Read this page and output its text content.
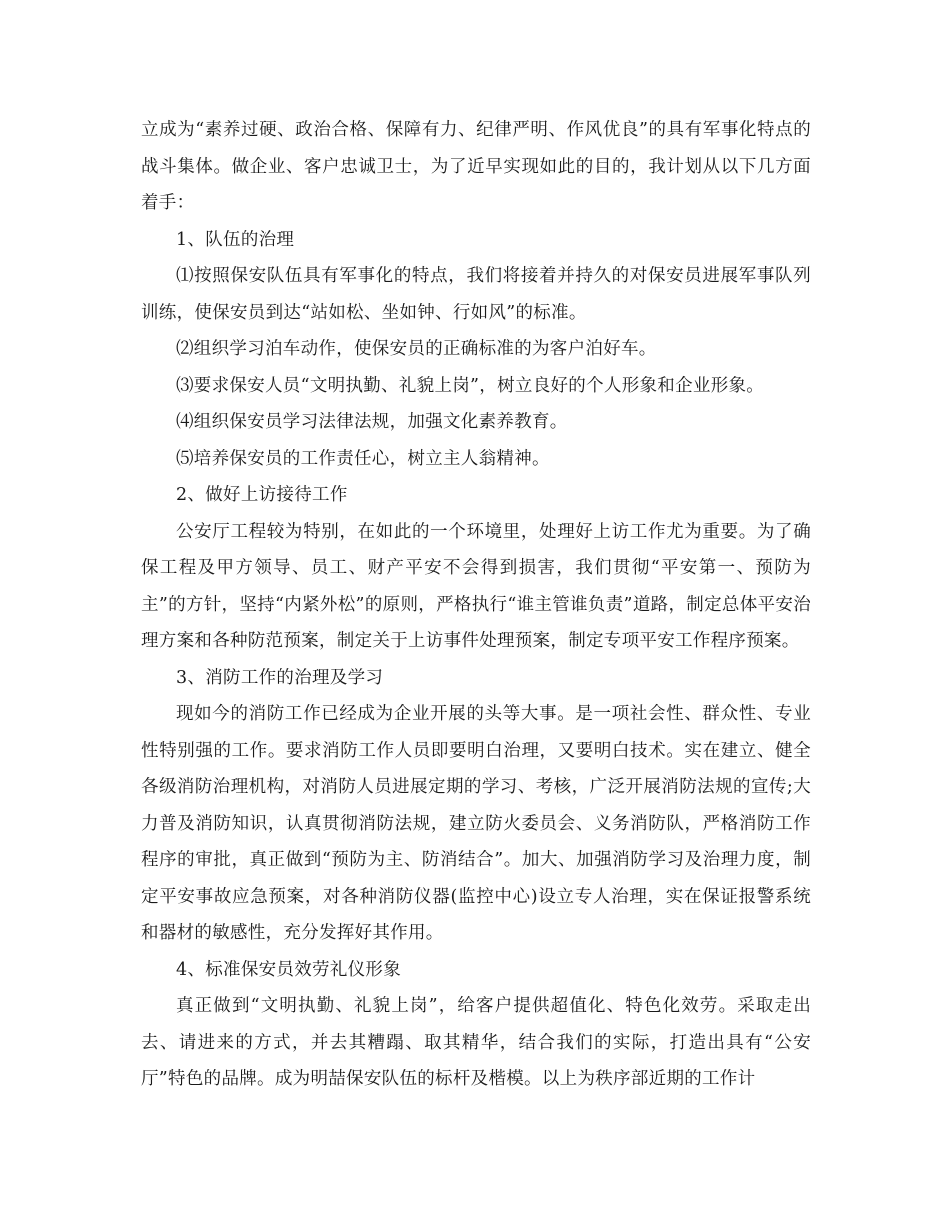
立成为“素养过硬、政治合格、保障有力、纪律严明、作风优良”的具有军事化特点的战斗集体。做企业、客户忠诚卫士，为了近早实现如此的目的，我计划从以下几方面着手：

1、队伍的治理

⑴按照保安队伍具有军事化的特点，我们将接着并持久的对保安员进展军事队列训练，使保安员到达“站如松、坐如钟、行如风”的标准。

⑵组织学习泊车动作，使保安员的正确标准的为客户泊好车。

⑶要求保安人员“文明执勤、礼貌上岗”，树立良好的个人形象和企业形象。

⑷组织保安员学习法律法规，加强文化素养教育。

⑸培养保安员的工作责任心，树立主人翁精神。

2、做好上访接待工作

公安厅工程较为特别，在如此的一个环境里，处理好上访工作尤为重要。为了确保工程及甲方领导、员工、财产平安不会得到损害，我们贯彻“平安第一、预防为主”的方针，坚持“内紧外松”的原则，严格执行“谁主管谁负责”道路，制定总体平安治理方案和各种防范预案，制定关于上访事件处理预案，制定专项平安工作程序预案。

3、消防工作的治理及学习

现如今的消防工作已经成为企业开展的头等大事。是一项社会性、群众性、专业性特别强的工作。要求消防工作人员即要明白治理，又要明白技术。实在建立、健全各级消防治理机构，对消防人员进展定期的学习、考核，广泛开展消防法规的宣传;大力普及消防知识，认真贯彻消防法规，建立防火委员会、义务消防队，严格消防工作程序的审批，真正做到“预防为主、防消结合”。加大、加强消防学习及治理力度，制定平安事故应急预案，对各种消防仪器(监控中心)设立专人治理，实在保证报警系统和器材的敏感性，充分发挥好其作用。

4、标准保安员效劳礼仪形象

真正做到“文明执勤、礼貌上岗”，给客户提供超值化、特色化效劳。采取走出去、请进来的方式，并去其糟蹋、取其精华，结合我们的实际，打造出具有“公安厅”特色的品牌。成为明喆保安队伍的标杆及楷模。以上为秩序部近期的工作计
